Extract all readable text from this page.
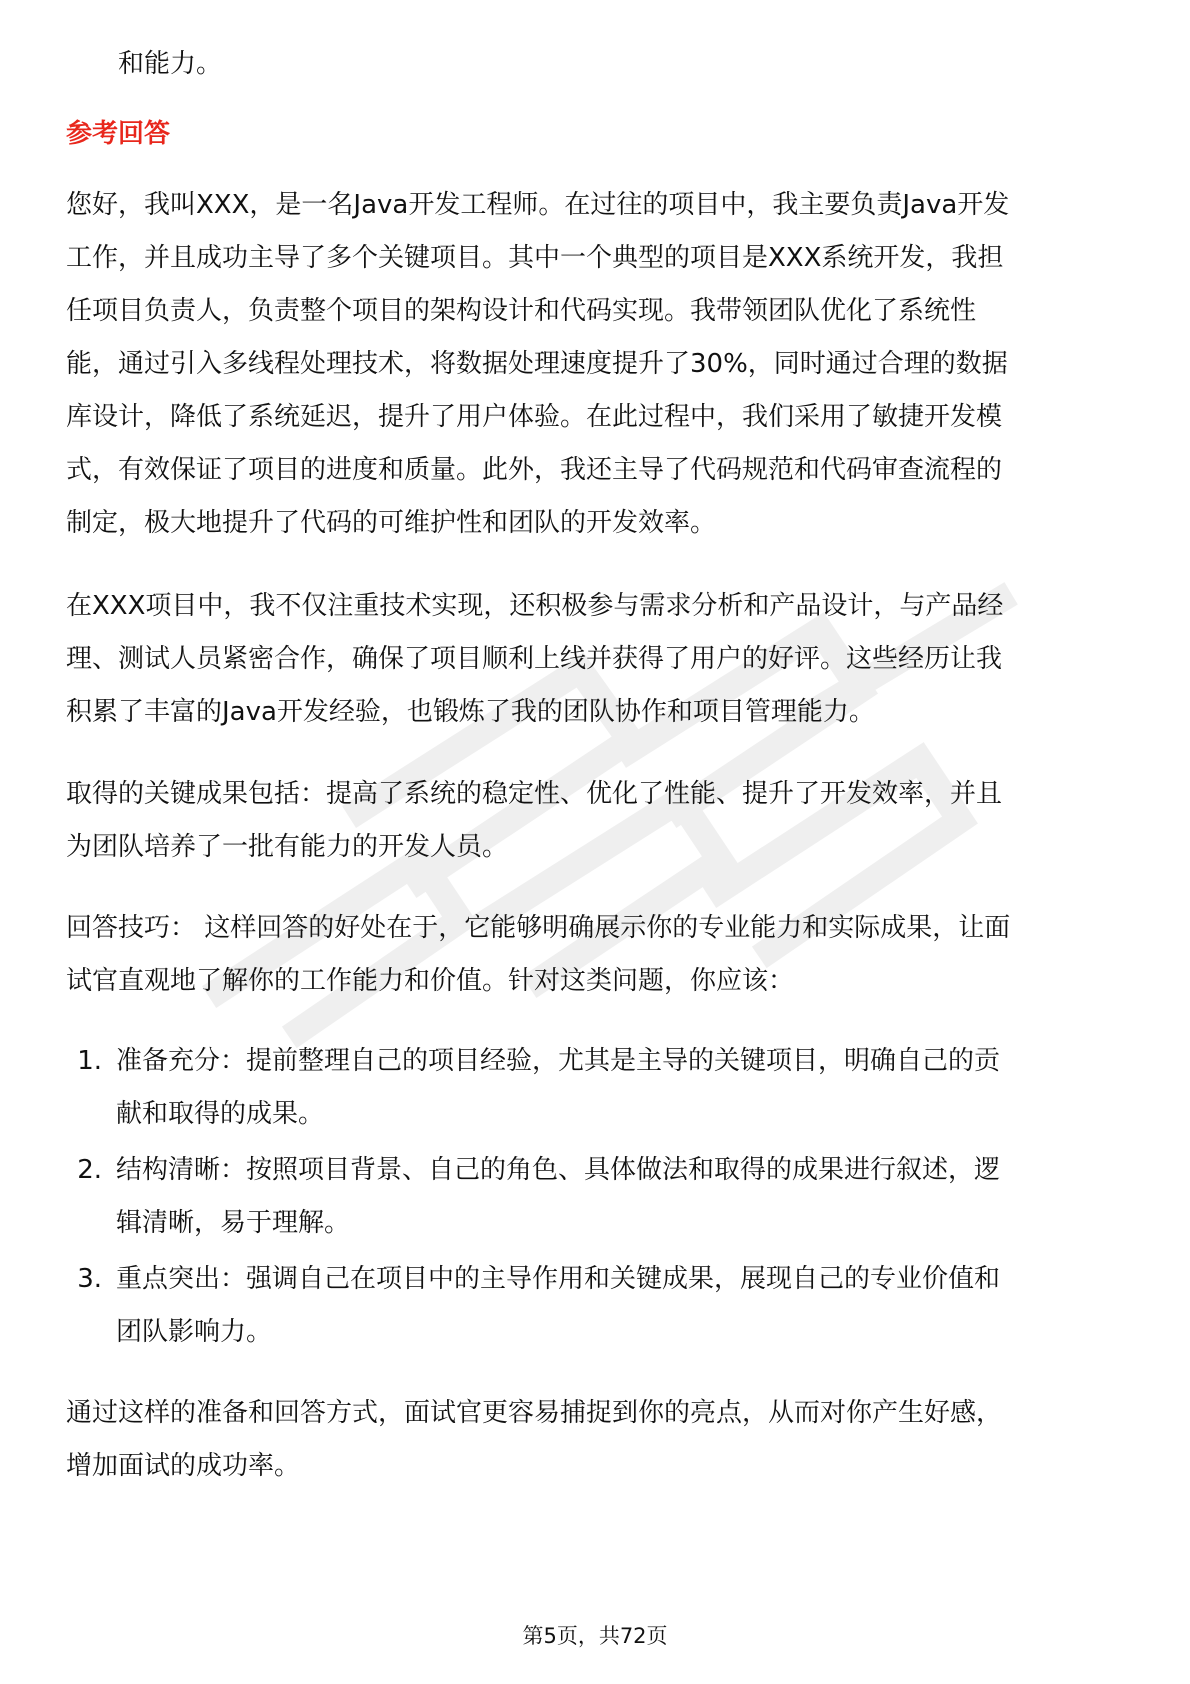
和能力。
参考回答
您好，我叫XXX，是一名Java开发工程师。在过往的项目中，我主要负责Java开发
工作，并且成功主导了多个关键项目。其中一个典型的项目是XXX系统开发，我担
任项目负责人，负责整个项目的架构设计和代码实现。我带领团队优化了系统性
能，通过引入多线程处理技术，将数据处理速度提升了30%，同时通过合理的数据
库设计，降低了系统延迟，提升了用户体验。在此过程中，我们采用了敏捷开发模
式，有效保证了项目的进度和质量。此外，我还主导了代码规范和代码审查流程的
制定，极大地提升了代码的可维护性和团队的开发效率。
在XXX项目中，我不仅注重技术实现，还积极参与需求分析和产品设计，与产品经
理、测试人员紧密合作，确保了项目顺利上线并获得了用户的好评。这些经历让我
积累了丰富的Java开发经验，也锻炼了我的团队协作和项目管理能力。
取得的关键成果包括：提高了系统的稳定性、优化了性能、提升了开发效率，并且
为团队培养了一批有能力的开发人员。
回答技巧： 这样回答的好处在于，它能够明确展示你的专业能力和实际成果，让面
试官直观地了解你的工作能力和价值。针对这类问题，你应该：
1. 准备充分：提前整理自己的项目经验，尤其是主导的关键项目，明确自己的贡
献和取得的成果。
2. 结构清晰：按照项目背景、自己的角色、具体做法和取得的成果进行叙述，逻
辑清晰，易于理解。
3. 重点突出：强调自己在项目中的主导作用和关键成果，展现自己的专业价值和
团队影响力。
通过这样的准备和回答方式，面试官更容易捕捉到你的亮点，从而对你产生好感，
增加面试的成功率。
第5页，共72页
